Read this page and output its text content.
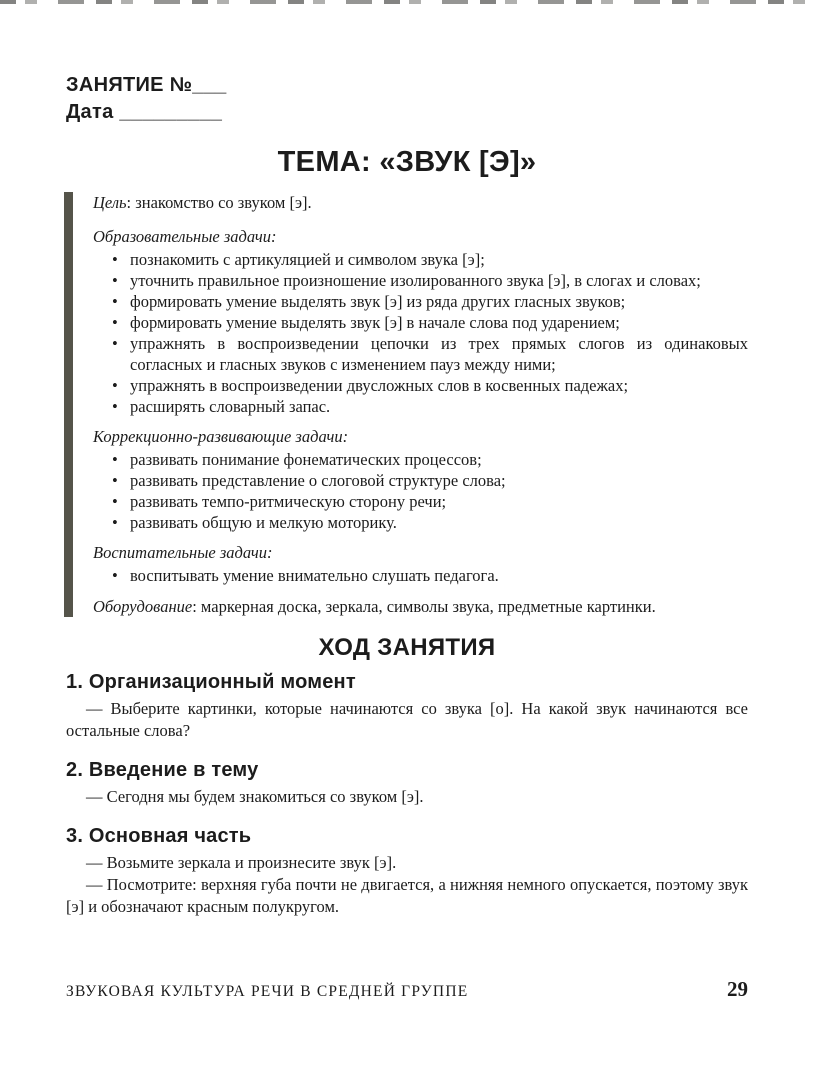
ЗАНЯТИЕ №___
Дата _________
ТЕМА: «ЗВУК [Э]»

Цель: знакомство со звуком [э].

Образовательные задачи:

• познакомить с артикуляцией и символом звука [э];
• уточнить правильное произношение изолированного звука [э], в слогах и словах;
• формировать умение выделять звук [э] из ряда других гласных звуков;
• формировать умение выделять звук [э] в начале слова под ударением;
• упражнять в воспроизведении цепочки из трех прямых слогов из одинаковых согласных и гласных звуков с изменением пауз между ними;
• упражнять в воспроизведении двусложных слов в косвенных падежах;
• расширять словарный запас.

Коррекционно-развивающие задачи:

• развивать понимание фонематических процессов;
• развивать представление о слоговой структуре слова;
• развивать темпо-ритмическую сторону речи;
• развивать общую и мелкую моторику.

Воспитательные задачи:

• воспитывать умение внимательно слушать педагога.

Оборудование: маркерная доска, зеркала, символы звука, предметные картинки.

ХОД ЗАНЯТИЯ
1. Организационный момент

— Выберите картинки, которые начинаются со звука [о]. На какой звук начинаются все остальные слова?

2. Введение в тему

— Сегодня мы будем знакомиться со звуком [э].

3. Основная часть

— Возьмите зеркала и произнесите звук [э].

— Посмотрите: верхняя губа почти не двигается, а нижняя немного опускается, поэтому звук [э] и обозначают красным полукругом.

ЗВУКОВАЯ КУЛЬТУРА РЕЧИ В СРЕДНЕЙ ГРУППЕ	29
